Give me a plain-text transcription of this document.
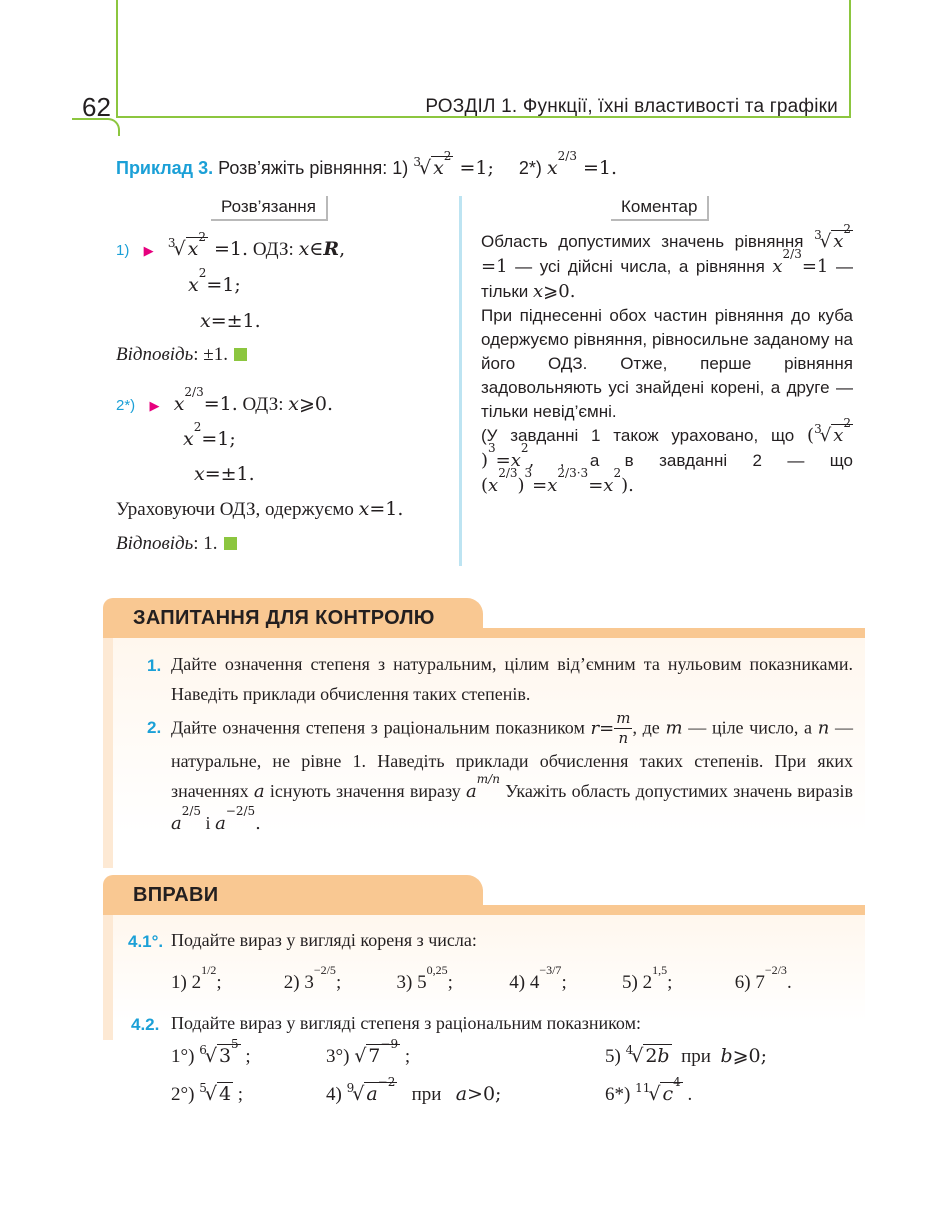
62	РОЗДІЛ 1. Функції, їхні властивості та графіки
Приклад 3. Розв’яжіть рівняння: 1) $^3$√ $x^2 =1$; 2*) $x^{2/3} =1$.
Розв’язання	Коментар
1) ▶ $^3$√ $x^2 =1$. ОДЗ: x∈R,
$x^2=1$;
x=±1.
Відповідь: ±1.
2*) ▶ $x^{2/3}=1$. ОДЗ: x⩾0.
$x^2=1$;
x=±1.
Ураховуючи ОДЗ, одержуємо x=1.
Відповідь: 1.

Область допустимих значень рівняння $^3$√ $x^2 =1$ — усі дійсні числа, а рівняння $x^{2/3}=1$ — тільки x⩾0.

При піднесенні обох частин рівняння до куба одержуємо рівняння, рівносильне заданому на його ОДЗ. Отже, перше рівняння задовольняють усі знайдені корені, а друге — тільки невід’ємні.

(У завданні 1 також ураховано, що ($^3$√ $x^2)^3=x^2$, , а в завданні 2 — що $(x^{2/3})^3=x^{2/3\cdot 3}=x^2$).

ЗАПИТАННЯ ДЛЯ КОНТРОЛЮ
1. Дайте означення степеня з натуральним, цілим від’ємним та нульовим показниками. Наведіть приклади обчислення таких степенів.
2. Дайте означення степеня з раціональним показником $r= \frac{m}{n}$ , де m — ціле число, а n — натуральне, не рівне 1. Наведіть приклади обчислення таких степенів. При яких значеннях a існують значення виразу $a^{m/n}$ Укажіть область допустимих значень виразів $a^{2/5}$ і $a^{-2/5}$.
ВПРАВИ
4.1°. Подайте вираз у вигляді кореня з числа:
1) $2^{1/2}$;	2) $3^{-2/5}$;	3) 5$^{0,25}$;	4) $4^{-3/7}$;	5) 2$^{1,5}$;	6) $7^{-2/3}$.
4.2. Подайте вираз у вигляді степеня з раціональним показником:
1°) $^6$√ $3^5$ ;	3°) √ $7^{-9}$ ;	5) $^4$√ 2b при b⩾0;
2°) $^5$√ 4 ;	4) $^9$√ $a^{-2}$   при a>0;	6*) $^{11}$√ $c^4$ .
